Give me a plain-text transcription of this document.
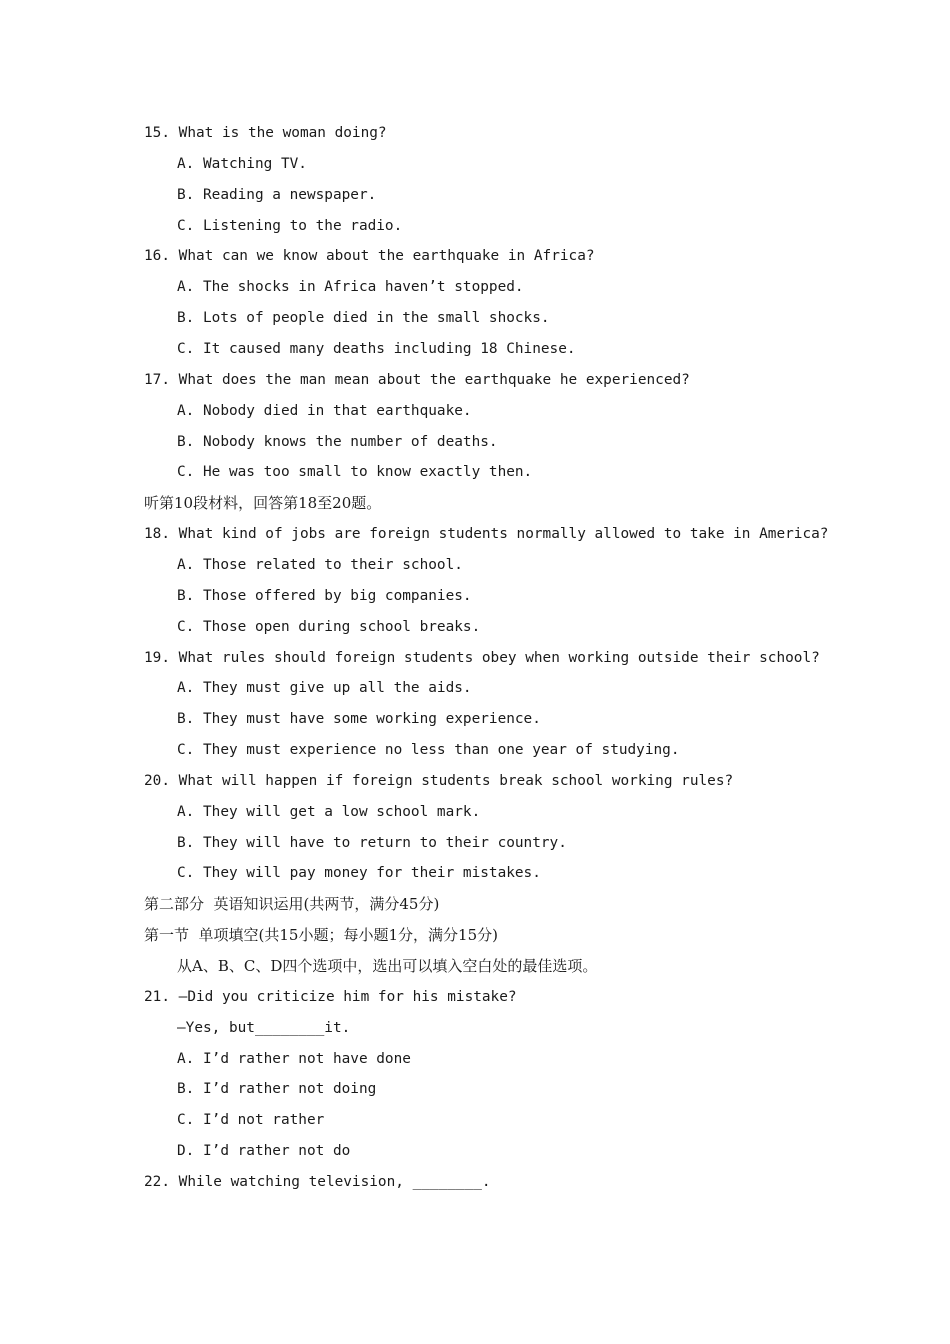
15. What is the woman doing?
A. Watching TV.
B. Reading a newspaper.
C. Listening to the radio.
16. What can we know about the earthquake in Africa?
A. The shocks in Africa haven’t stopped.
B. Lots of people died in the small shocks.
C. It caused many deaths including 18 Chinese.
17. What does the man mean about the earthquake he experienced?
A. Nobody died in that earthquake.
B. Nobody knows the number of deaths.
C. He was too small to know exactly then.
听第10段材料，回答第18至20题。
18. What kind of jobs are foreign students normally allowed to take in America?
A. Those related to their school.
B. Those offered by big companies.
C. Those open during school breaks.
19. What rules should foreign students obey when working outside their school?
A. They must give up all the aids.
B. They must have some working experience.
C. They must experience no less than one year of studying.
20. What will happen if foreign students break school working rules?
A. They will get a low school mark.
B. They will have to return to their country.
C. They will pay money for their mistakes.
第二部分  英语知识运用(共两节，满分45分)
第一节  单项填空(共15小题；每小题1分，满分15分)
从A、B、C、D四个选项中，选出可以填入空白处的最佳选项。
21. —Did you criticize him for his mistake?
—Yes, but________it.
A. I’d rather not have done
B. I’d rather not doing
C. I’d not rather
D. I’d rather not do
22. While watching television, ________.
